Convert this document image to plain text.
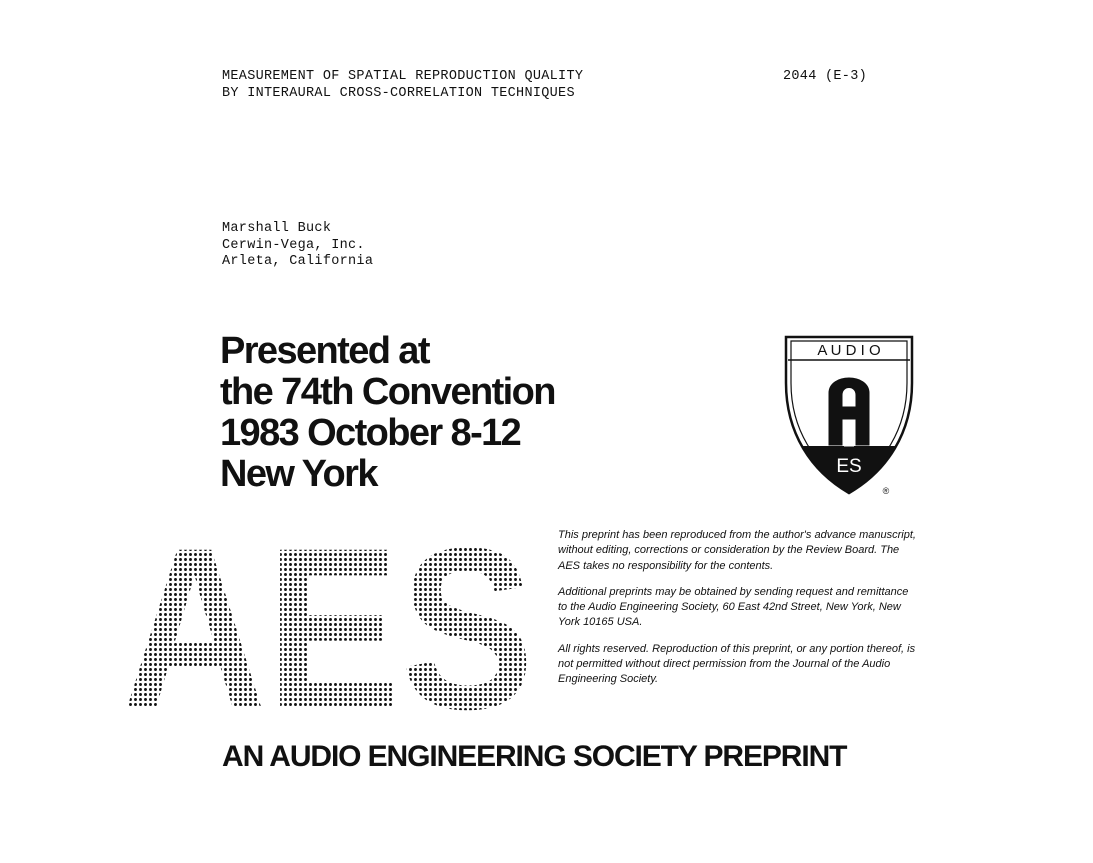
MEASUREMENT OF SPATIAL REPRODUCTION QUALITY
BY INTERAURAL CROSS-CORRELATION TECHNIQUES
2044 (E-3)
Marshall Buck
Cerwin-Vega, Inc.
Arleta, California
Presented at
the 74th Convention
1983 October 8-12
New York
A U D I O
ES
®
AES This preprint has been reproduced from the author's advance manuscript, without editing, corrections or consideration by the Review Board. The AES takes no responsibility for the contents.

Additional preprints may be obtained by sending request and remittance to the Audio Engineering Society, 60 East 42nd Street, New York, New York 10165 USA.

All rights reserved. Reproduction of this preprint, or any portion thereof, is not permitted without direct permission from the Journal of the Audio Engineering Society.

AN AUDIO ENGINEERING SOCIETY PREPRINT
